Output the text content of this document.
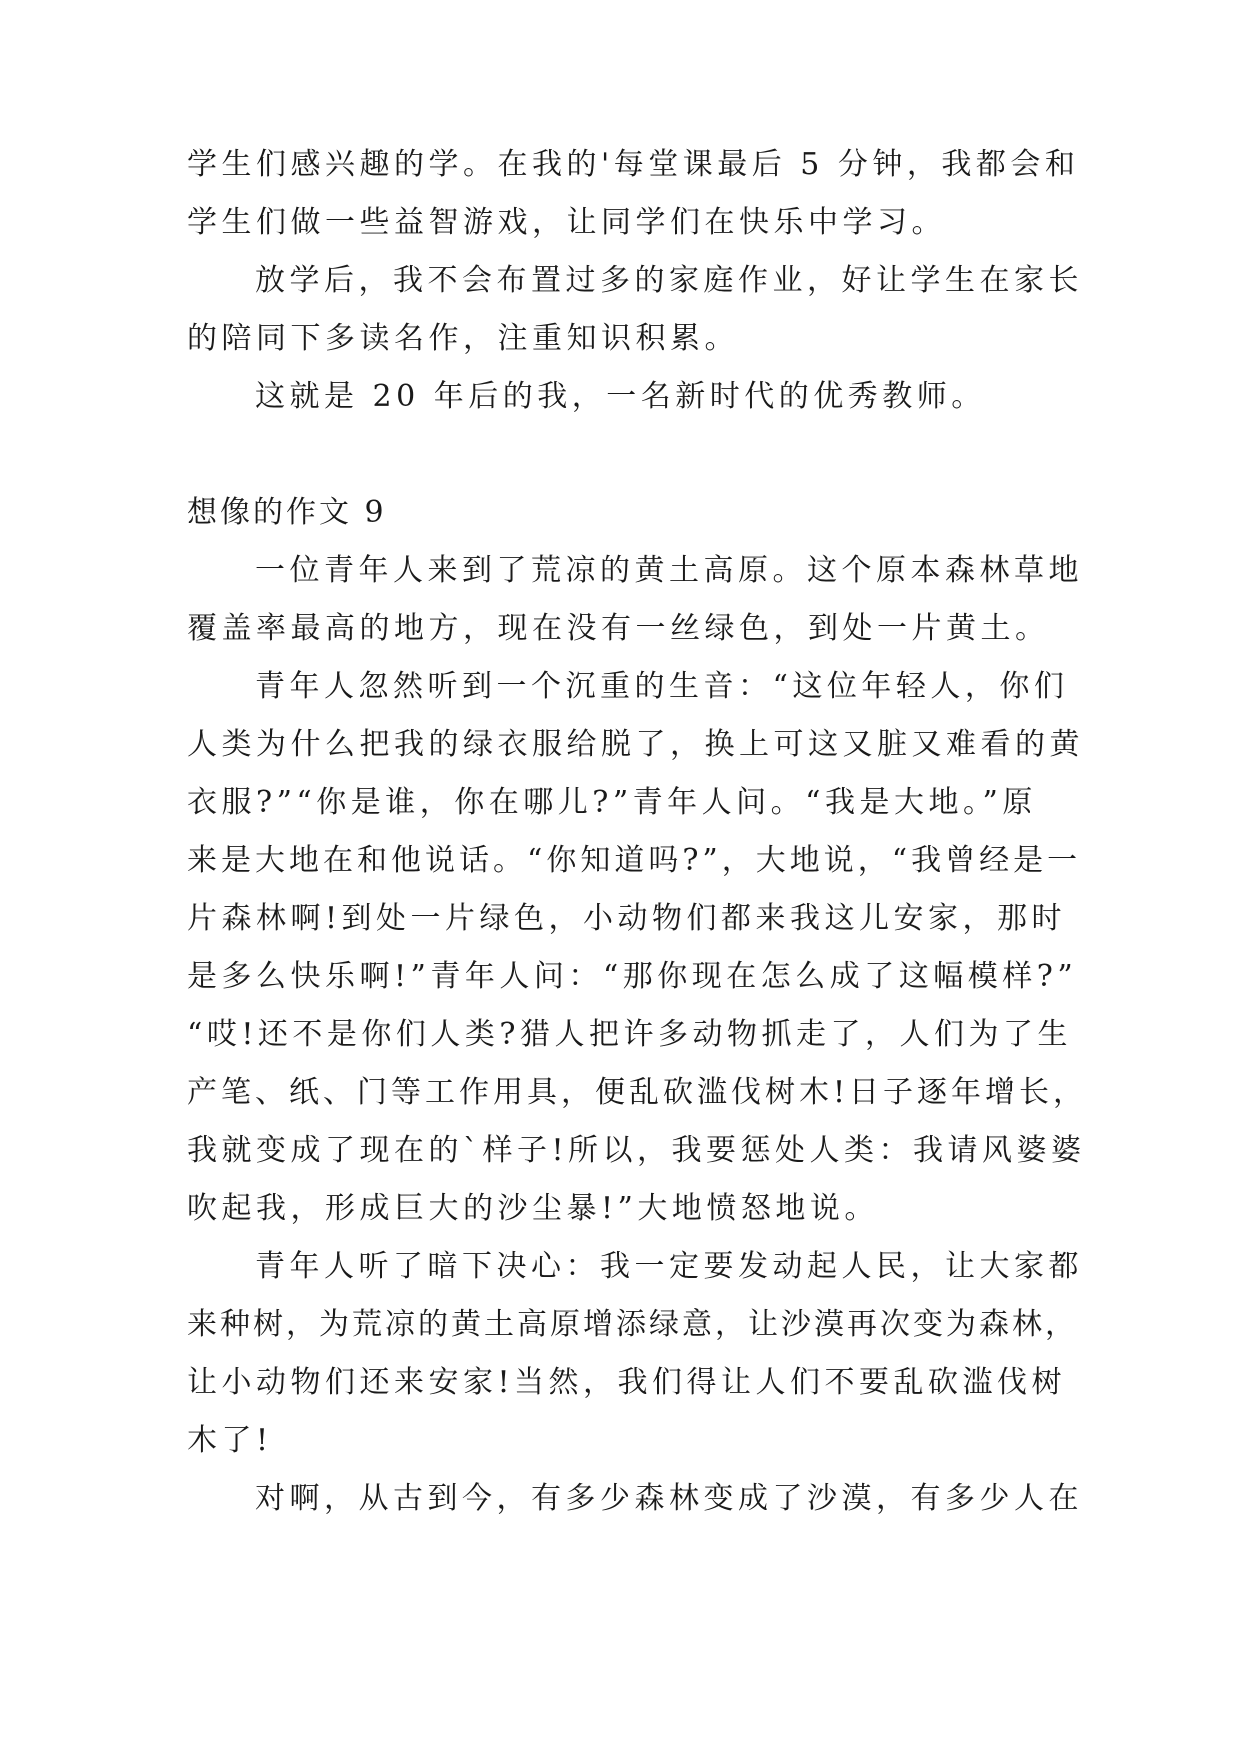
学生们感兴趣的学。在我的'每堂课最后 5 分钟，我都会和
学生们做一些益智游戏，让同学们在快乐中学习。
放学后，我不会布置过多的家庭作业，好让学生在家长
的陪同下多读名作，注重知识积累。
这就是 20 年后的我，一名新时代的优秀教师。
想像的作文 9
一位青年人来到了荒凉的黄土高原。这个原本森林草地
覆盖率最高的地方，现在没有一丝绿色，到处一片黄土。
青年人忽然听到一个沉重的生音：“这位年轻人，你们
人类为什么把我的绿衣服给脱了，换上可这又脏又难看的黄
衣服?”“你是谁，你在哪儿?”青年人问。“我是大地。”原
来是大地在和他说话。“你知道吗?”，大地说，“我曾经是一
片森林啊!到处一片绿色，小动物们都来我这儿安家，那时
是多么快乐啊!”青年人问：“那你现在怎么成了这幅模样?”
“哎!还不是你们人类?猎人把许多动物抓走了，人们为了生
产笔、纸、门等工作用具，便乱砍滥伐树木!日子逐年增长，
我就变成了现在的`样子!所以，我要惩处人类：我请风婆婆
吹起我，形成巨大的沙尘暴!”大地愤怒地说。
青年人听了暗下决心：我一定要发动起人民，让大家都
来种树，为荒凉的黄土高原增添绿意，让沙漠再次变为森林，
让小动物们还来安家!当然，我们得让人们不要乱砍滥伐树
木了!
对啊，从古到今，有多少森林变成了沙漠，有多少人在
